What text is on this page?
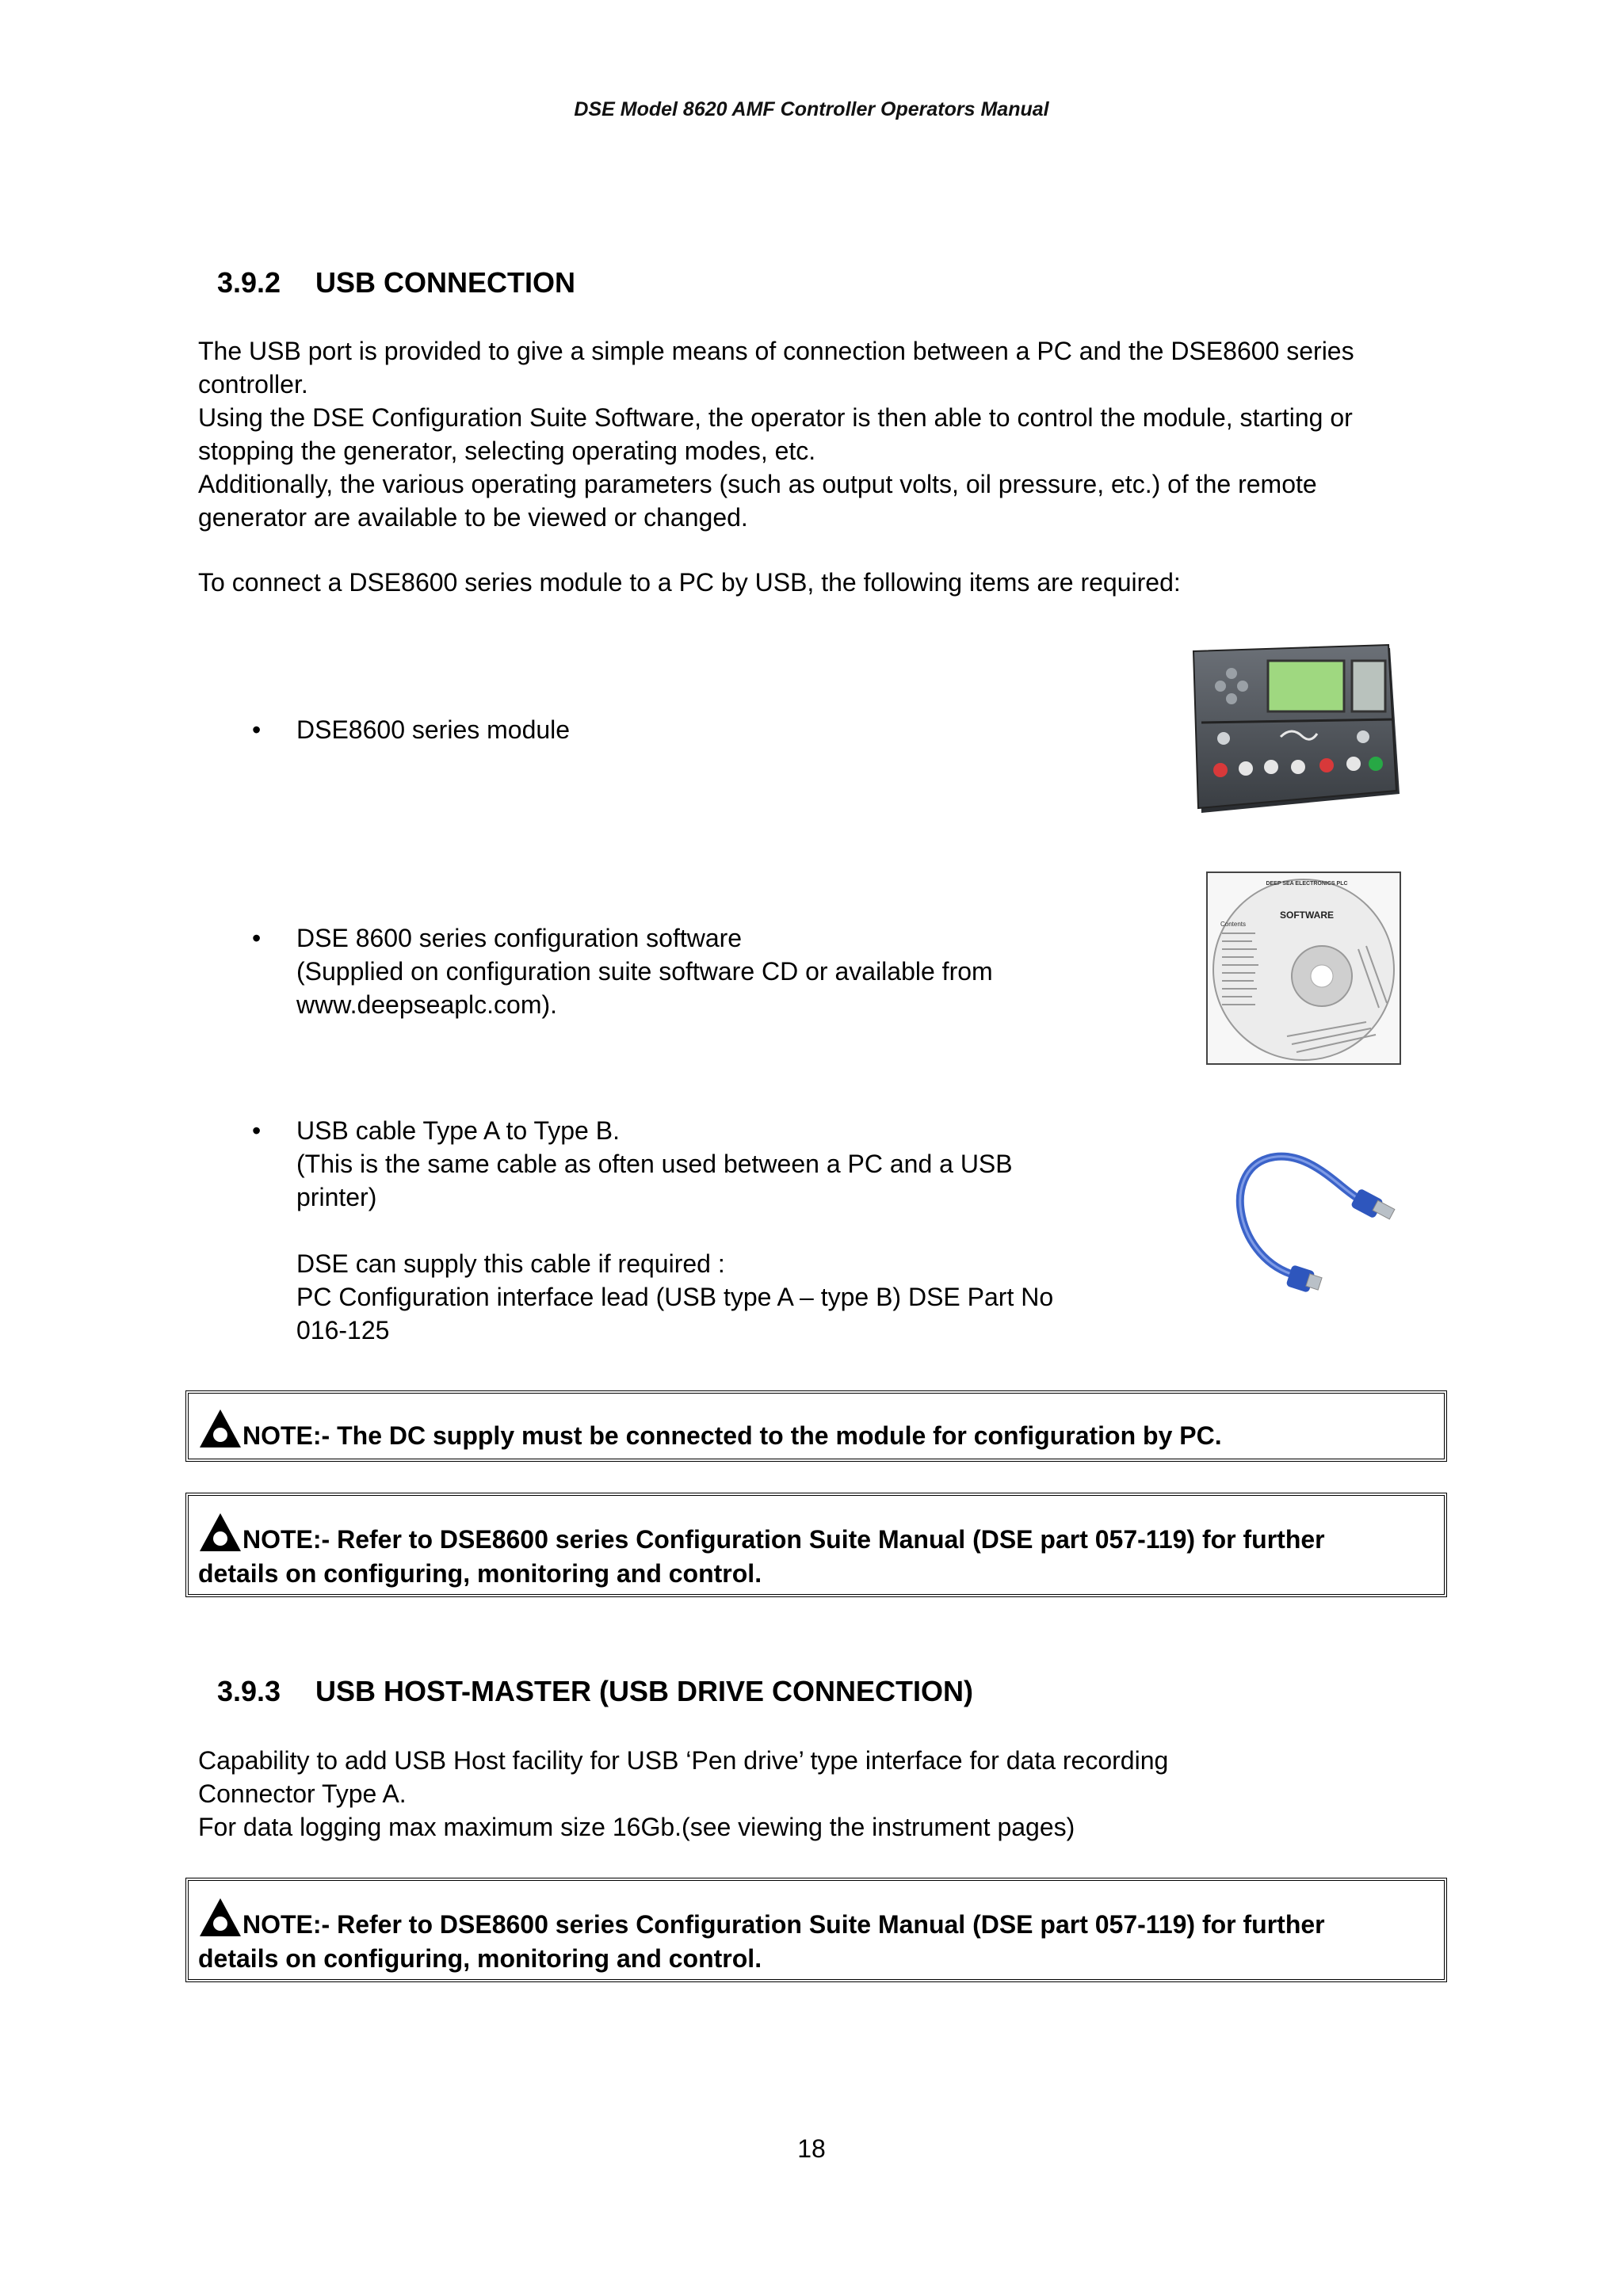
DSE Model 8620 AMF Controller Operators Manual
3.9.2 USB CONNECTION

The USB port is provided to give a simple means of connection between a PC and the DSE8600 series

controller.

Using the DSE Configuration Suite Software, the operator is then able to control the module, starting or

stopping the generator, selecting operating modes, etc.

Additionally, the various operating parameters (such as output volts, oil pressure, etc.) of the remote

generator are available to be viewed or changed.

To connect a DSE8600 series module to a PC by USB, the following items are required:
• DSE8600 series module
• DSE 8600 series configuration software
(Supplied on configuration suite software CD or available from
www.deepseaplc.com).
DEEP SEA ELECTRONICS PLC
SOFTWARE
Contents
• USB cable Type A to Type B.
(This is the same cable as often used between a PC and a USB
printer)
DSE can supply this cable if required :
PC Configuration interface lead (USB type A – type B) DSE Part No
016-125
NOTE:- The DC supply must be connected to the module for configuration by PC.
NOTE:- Refer to DSE8600 series Configuration Suite Manual (DSE part 057-119) for further
details on configuring, monitoring and control.
3.9.3 USB HOST-MASTER (USB DRIVE CONNECTION)

Capability to add USB Host facility for USB ‘Pen drive’ type interface for data recording

Connector Type A.

For data logging max maximum size 16Gb.(see viewing the instrument pages)

NOTE:- Refer to DSE8600 series Configuration Suite Manual (DSE part 057-119) for further
details on configuring, monitoring and control.
18
